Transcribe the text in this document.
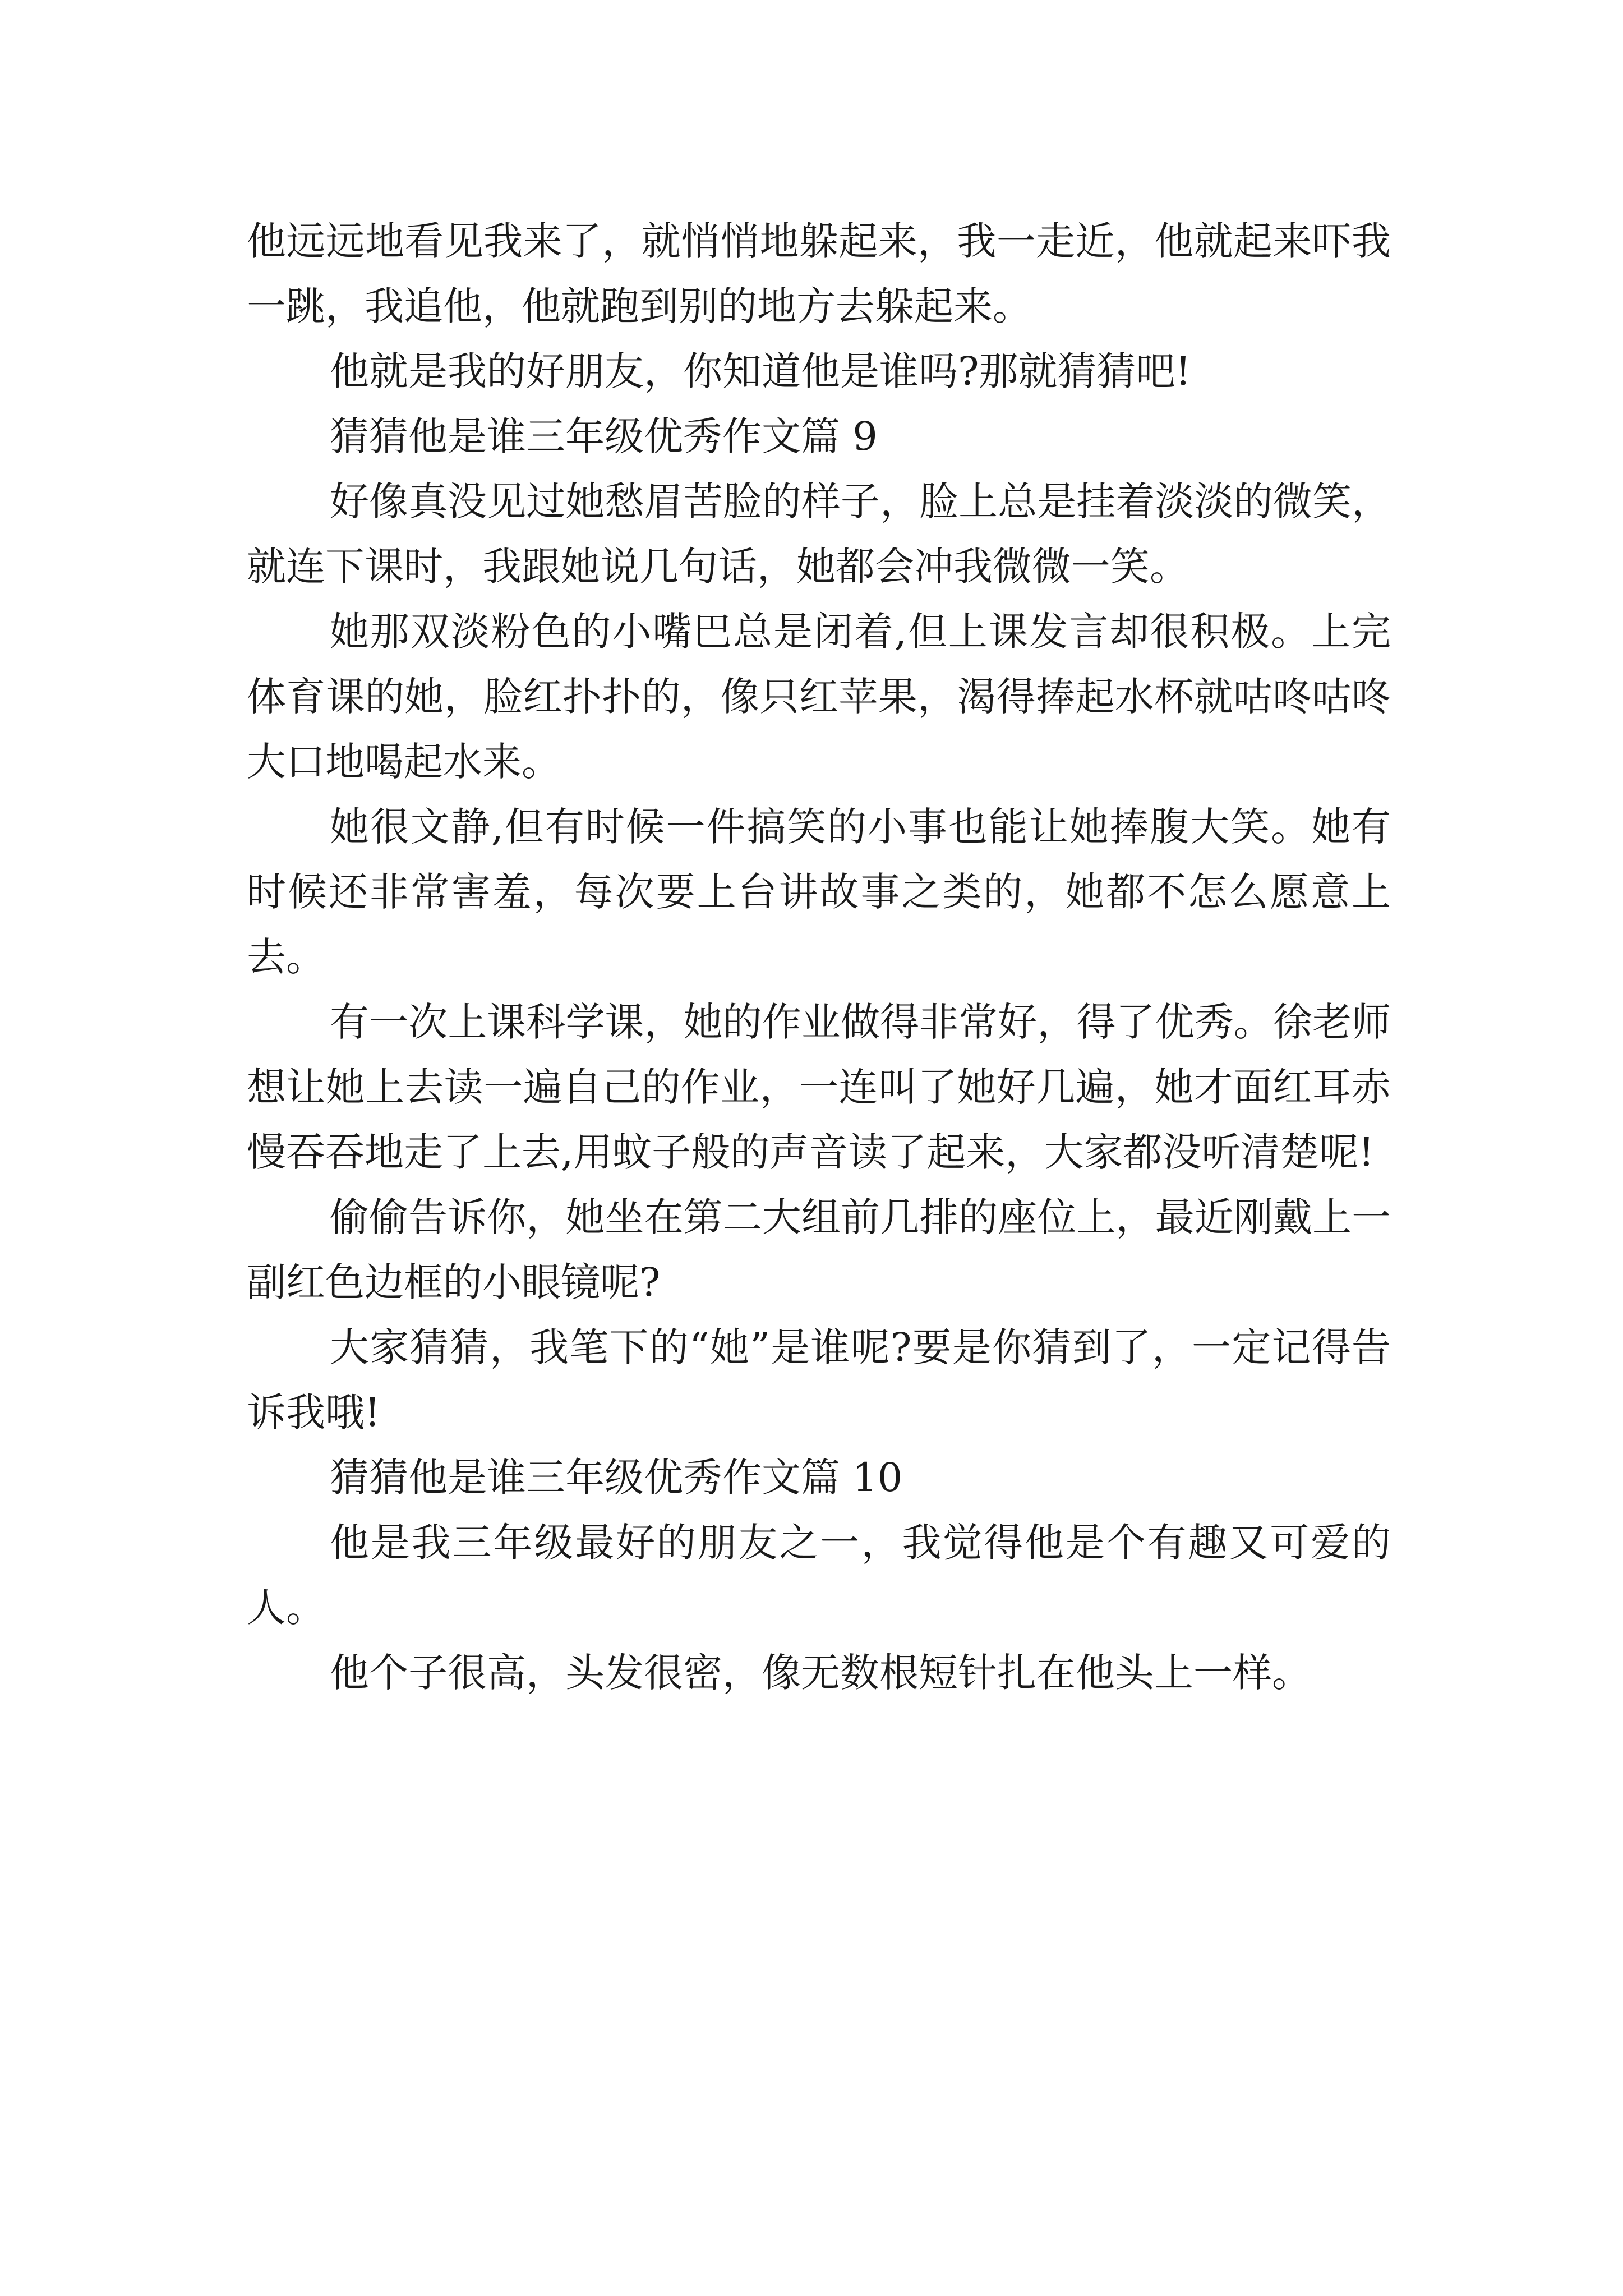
他远远地看见我来了，就悄悄地躲起来，我一走近，他就起来吓我一跳，我追他，他就跑到别的地方去躲起来。

他就是我的好朋友，你知道他是谁吗?那就猜猜吧!

猜猜他是谁三年级优秀作文篇 9

好像真没见过她愁眉苦脸的样子，脸上总是挂着淡淡的微笑，就连下课时，我跟她说几句话，她都会冲我微微一笑。

她那双淡粉色的小嘴巴总是闭着,但上课发言却很积极。上完体育课的她，脸红扑扑的，像只红苹果，渴得捧起水杯就咕咚咕咚大口地喝起水来。

她很文静,但有时候一件搞笑的小事也能让她捧腹大笑。她有时候还非常害羞，每次要上台讲故事之类的，她都不怎么愿意上去。

有一次上课科学课，她的作业做得非常好，得了优秀。徐老师想让她上去读一遍自己的作业，一连叫了她好几遍，她才面红耳赤慢吞吞地走了上去,用蚊子般的声音读了起来，大家都没听清楚呢!

偷偷告诉你，她坐在第二大组前几排的座位上，最近刚戴上一副红色边框的小眼镜呢?

大家猜猜，我笔下的“她”是谁呢?要是你猜到了，一定记得告诉我哦!

猜猜他是谁三年级优秀作文篇 10

他是我三年级最好的朋友之一，我觉得他是个有趣又可爱的人。

他个子很高，头发很密，像无数根短针扎在他头上一样。
